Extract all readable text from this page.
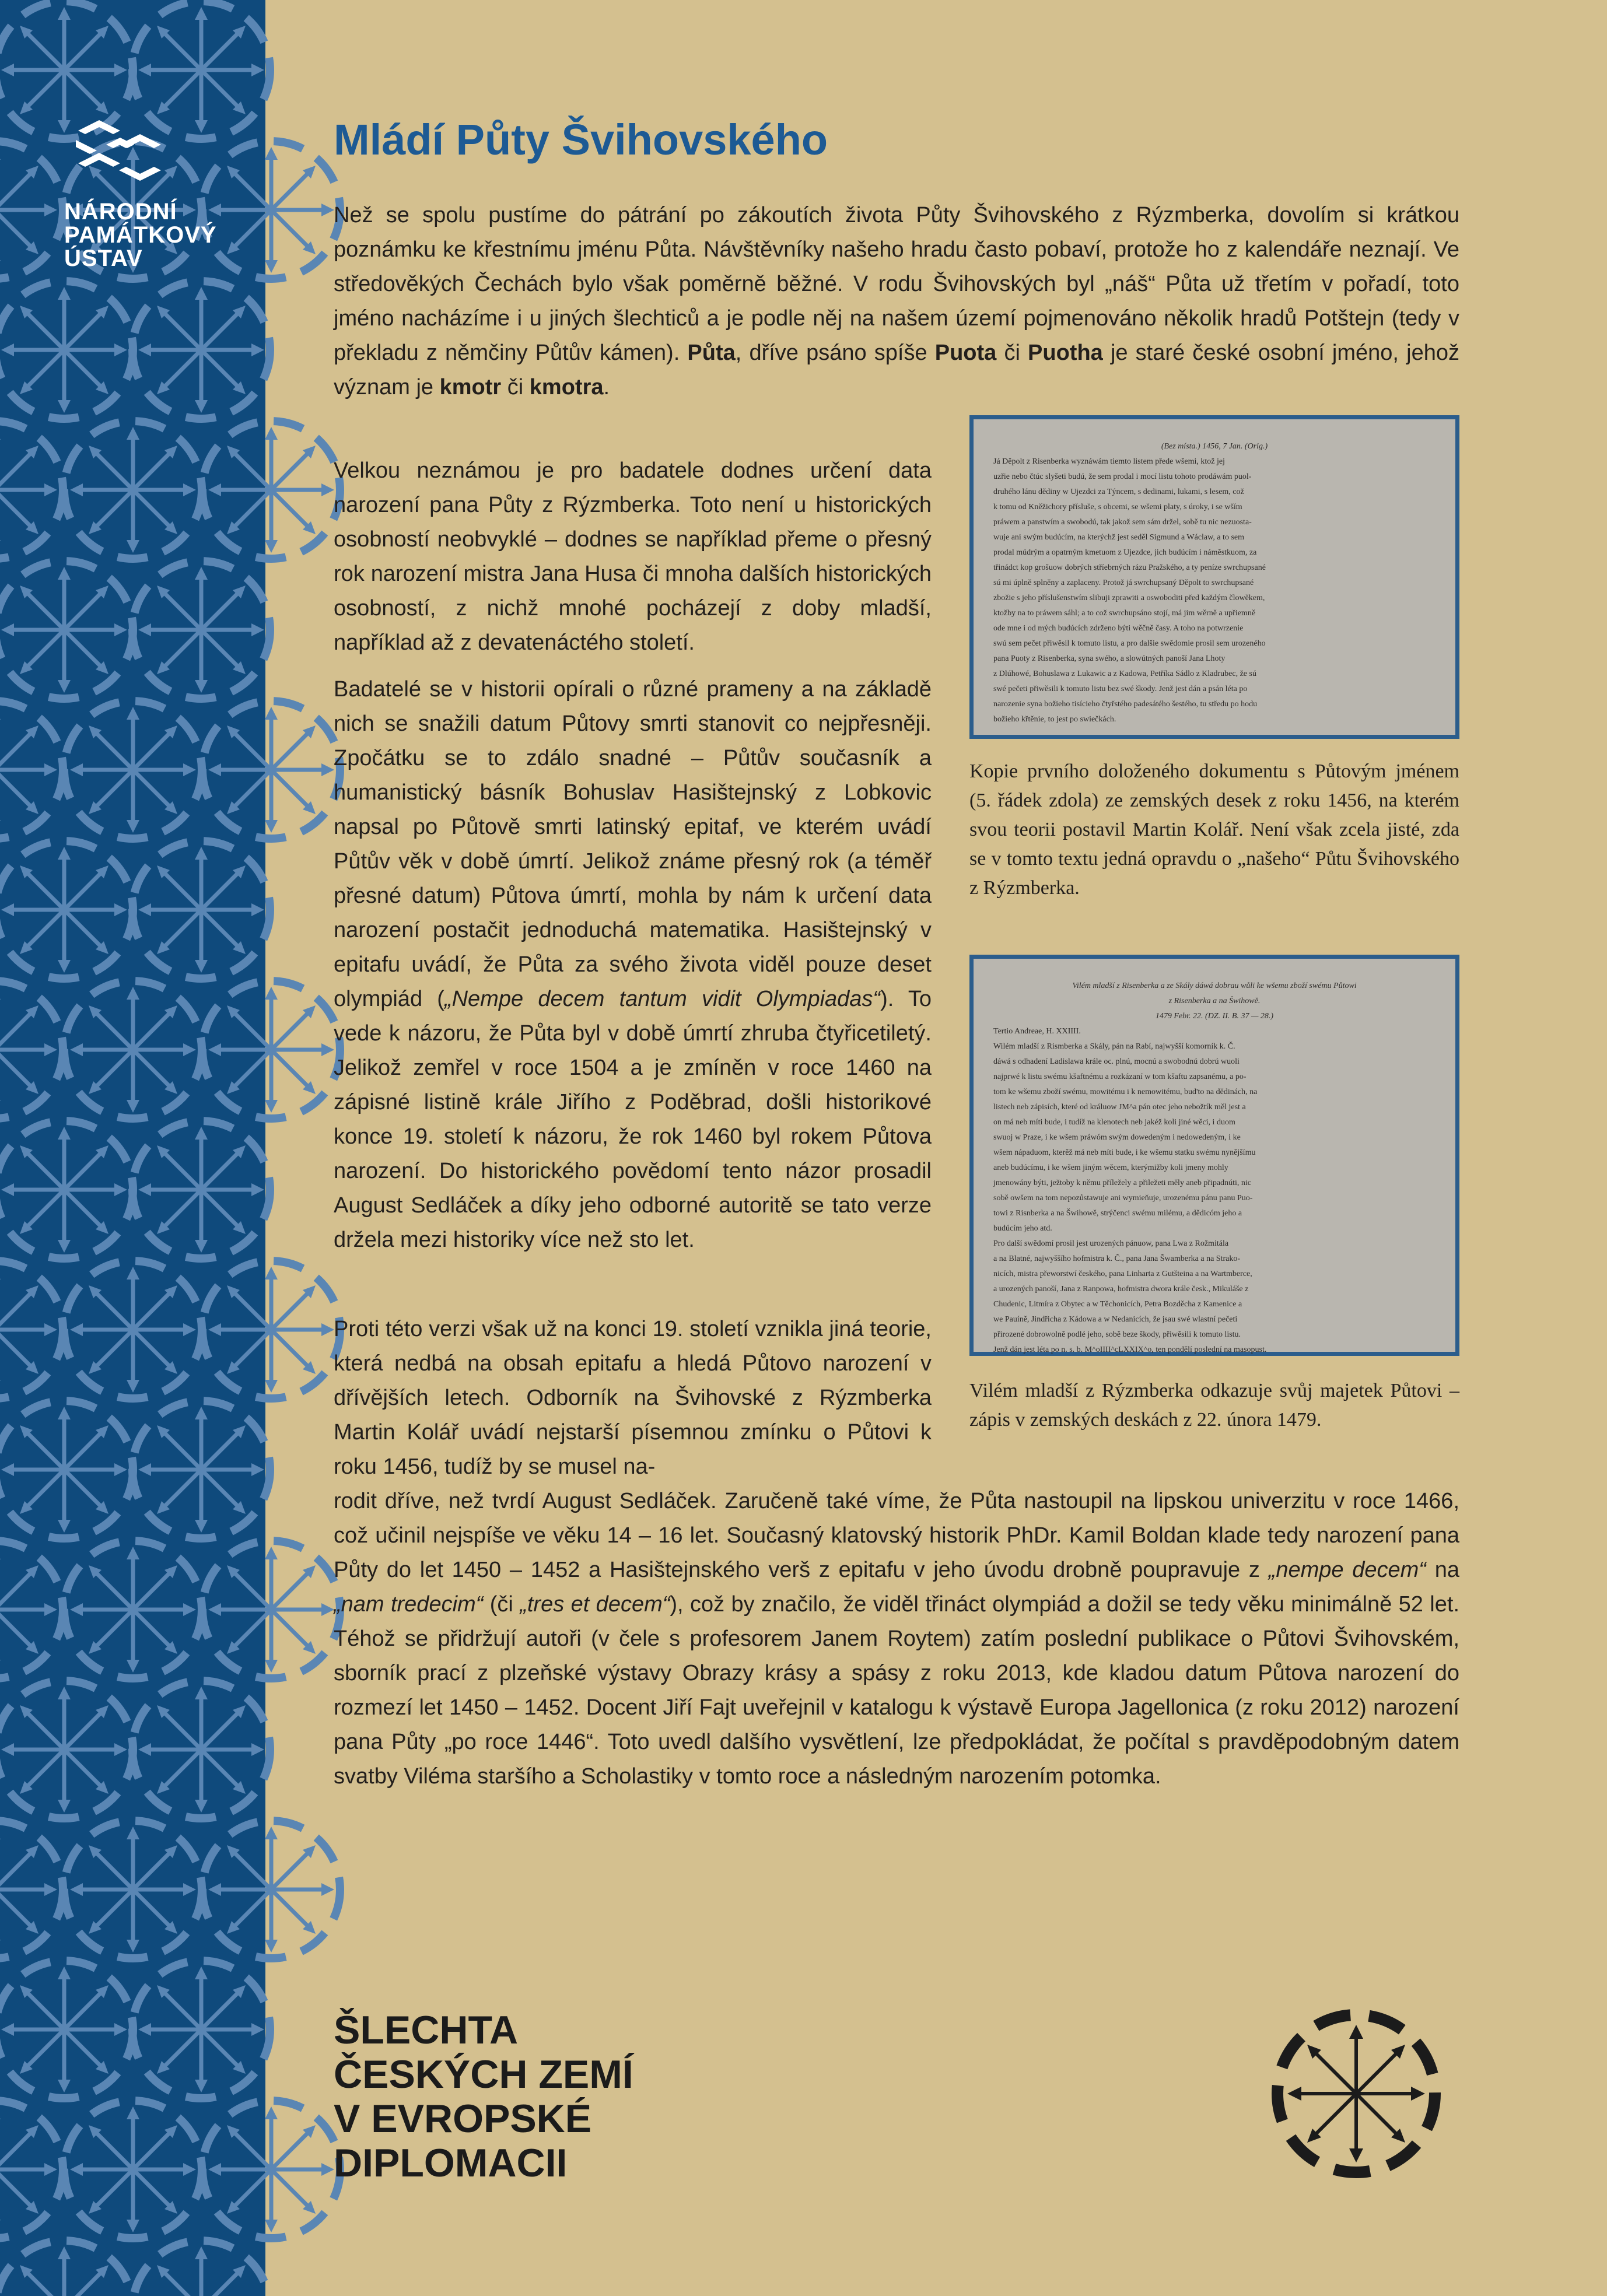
NÁRODNÍ
PAMÁTKOVÝ
ÚSTAV
Mládí Půty Švihovského

Než se spolu pustíme do pátrání po zákoutích života Půty Švihovského z Rýzmberka, dovolím si krátkou poznámku ke křestnímu jménu Půta. Návštěvníky našeho hradu často pobaví, protože ho z kalendáře neznají. Ve středověkých Čechách bylo však poměrně běžné. V rodu Švihovských byl „náš“ Půta už třetím v pořadí, toto jméno nacházíme i u jiných šlechticů a je podle něj na našem území pojmenováno několik hradů Potštejn (tedy v překladu z němčiny Půtův kámen). Půta, dříve psáno spíše Puota či Puotha je staré české osobní jméno, jehož význam je kmotr či kmotra.

Velkou neznámou je pro badatele dodnes určení data narození pana Půty z Rýzmberka. Toto není u historických osobností neobvyklé – dodnes se například přeme o přesný rok narození mistra Jana Husa či mnoha dalších historických osobností, z nichž mnohé pocházejí z doby mladší, například až z devatenáctého století.

Badatelé se v historii opírali o různé prameny a na základě nich se snažili datum Půtovy smrti stanovit co nejpřesněji. Zpočátku se to zdálo snadné – Půtův současník a humanistický básník Bohuslav Hasištejnský z Lobkovic napsal po Půtově smrti latinský epitaf, ve kterém uvádí Půtův věk v době úmrtí. Jelikož známe přesný rok (a téměř přesné datum) Půtova úmrtí, mohla by nám k určení data narození postačit jednoduchá matematika. Hasištejnský v epitafu uvádí, že Půta za svého života viděl pouze deset olympiád („Nempe decem tantum vidit Olympiadas“). To vede k názoru, že Půta byl v době úmrtí zhruba čtyřicetiletý. Jelikož zemřel v roce 1504 a je zmíněn v roce 1460 na zápisné listině krále Jiřího z Poděbrad, došli historikové konce 19. století k názoru, že rok 1460 byl rokem Půtova narození. Do historického povědomí tento názor prosadil August Sedláček a díky jeho odborné autoritě se tato verze držela mezi historiky více než sto let.

Proti této verzi však už na konci 19. století vznikla jiná teorie, která nedbá na obsah epitafu a hledá Půtovo narození v dřívějších letech. Odborník na Švihovské z Rýzmberka Martin Kolář uvádí nejstarší písemnou zmínku o Půtovi k roku 1456, tudíž by se musel na-

rodit dříve, než tvrdí August Sedláček. Zaručeně také víme, že Půta nastoupil na lipskou univerzitu v roce 1466, což učinil nejspíše ve věku 14 – 16 let. Současný klatovský historik PhDr. Kamil Boldan klade tedy narození pana Půty do let 1450 – 1452 a Hasištejnského verš z epitafu v jeho úvodu drobně poupravuje z „nempe decem“ na „nam tredecim“ (či „tres et decem“), což by značilo, že viděl třináct olympiád a dožil se tedy věku minimálně 52 let. Téhož se přidržují autoři (v čele s profesorem Janem Roytem) zatím poslední publikace o Půtovi Švihovském, sborník prací z plzeňské výstavy Obrazy krásy a spásy z roku 2013, kde kladou datum Půtova narození do rozmezí let 1450 – 1452. Docent Jiří Fajt uveřejnil v katalogu k výstavě Europa Jagellonica (z roku 2012) narození pana Půty „po roce 1446“. Toto uvedl dalšího vysvětlení, lze předpokládat, že počítal s pravděpodobným datem svatby Viléma staršího a Scholastiky v tomto roce a následným narozením potomka.

(Bez místa.) 1456, 7 Jan. (Orig.)
Já Děpolt z Risenberka wyznáwám tiemto listem přede wšemi, ktož jej
uzřie nebo čtúc slyšeti budú, že sem prodal i mocí listu tohoto prodáwám puol-
druhého lánu dědiny w Ujezdci za Týncem, s dedinami, lukami, s lesem, což
k tomu od Kněžichory přísluše, s obcemi, se wšemi platy, s úroky, i se wším
práwem a panstwím a swobodú, tak jakož sem sám držel, sobě tu nic nezuosta-
wuje ani swým budúcím, na kterýchž jest seděl Sigmund a Wáclaw, a to sem
prodal múdrým a opatrným kmetuom z Ujezdce, jich budúcím i náměstkuom, za
třinádct kop grošuow dobrých stříebrných rázu Pražského, a ty peníze swrchupsané
sú mi úplně splněny a zaplaceny. Protož já swrchupsaný Děpolt to swrchupsané
zbožie s jeho příslušenstwím slibuji zprawiti a oswoboditi před každým člowěkem,
ktožby na to práwem sáhl; a to což swrchupsáno stojí, má jim wěrně a upřiemně
ode mne i od mých budúcích zdrženo býti wěčně časy. A toho na potwrzenie
swú sem pečet přiwěsil k tomuto listu, a pro dalšie swědomie prosil sem urozeného
pana Puoty z Risenberka, syna swého, a slowútných panoší Jana Lhoty
z Dlúhowé, Bohuslawa z Lukawic a z Kadowa, Petříka Sádlo z Kladrubec, že sú
swé pečeti přiwěsili k tomuto listu bez swé škody. Jenž jest dán a psán léta po
narozenie syna božieho tisícieho čtyřstého padesátého šestého, tu středu po hodu
božieho křtěnie, to jest po swiečkách.

Kopie prvního doloženého dokumentu s Půtovým jménem (5. řádek zdola) ze zemských desek z roku 1456, na kterém svou teorii postavil Martin Kolář. Není však zcela jisté, zda se v tomto textu jedná opravdu o „našeho“ Půtu Švihovského z Rýzmberka.

Vilém mladší z Risenberka a ze Skály dáwá dobrau wůli ke wšemu zboží swému Půtowi
z Risenberka a na Šwihowě.
1479 Febr. 22. (DZ. II. B. 37 — 28.)
Tertio Andreae, H. XXIIII.
Wilém mladší z Rismberka a Skály, pán na Rabí, najwyšší komorník k. Č.
dáwá s odhadení Ladislawa krále oc. plnú, mocnú a swobodnú dobrú wuoli
najprwé k listu swému kšaftnému a rozkázaní w tom kšaftu zapsanému, a po-
tom ke wšemu zboží swému, mowitému i k nemowitému, bud'to na dědinách, na
listech neb zápisích, které od králuow JM^a pán otec jeho nebožtík měl jest a
on má neb míti bude, i tudíž na klenotech neb jakéž koli jiné wěci, i duom
swuoj w Praze, i ke wšem práwóm swým dowedeným i nedowedeným, i ke
wšem nápaduom, kterěž má neb míti bude, i ke wšemu statku swému nynějšímu
aneb budúcímu, i ke wšem jiným wěcem, kterýmižby koli jmeny mohly
jmenowány býti, ježtoby k němu příležely a přiležeti měly aneb připadnúti, nic
sobě owšem na tom nepozůstawuje ani wymieňuje, urozenému pánu panu Puo-
towi z Risnberka a na Šwihowě, strýčenci swému milému, a dědicóm jeho a
budúcím jeho atd.
Pro další swědomí prosil jest urozených pánuow, pana Lwa z Rožmitála
a na Blatné, najwyššího hofmistra k. Č., pana Jana Šwamberka a na Strako-
nicích, mistra přeworstwí českého, pana Linharta z Gutšteina a na Wartmberce,
a urozených panoší, Jana z Ranpowa, hofmistra dwora krále česk., Mikuláše z
Chudenic, Litmíra z Obytec a w Těchonicích, Petra Bozděcha z Kamenice a
we Pauíně, Jindřicha z Kádowa a w Nedanicích, že jsau swé wlastní pečeti
přirozené dobrowolně podlé jeho, sobě beze škody, přiwěsili k tomuto listu.
Jenž dán jest léta po n. s. b. M^oIIII^cLXXIX^o, ten pondělí poslední na masopust.

Vilém mladší z Rýzmberka odkazuje svůj majetek Půtovi – zápis v zemských deskách z 22. února 1479.

ŠLECHTA
ČESKÝCH ZEMÍ
V EVROPSKÉ
DIPLOMACII
